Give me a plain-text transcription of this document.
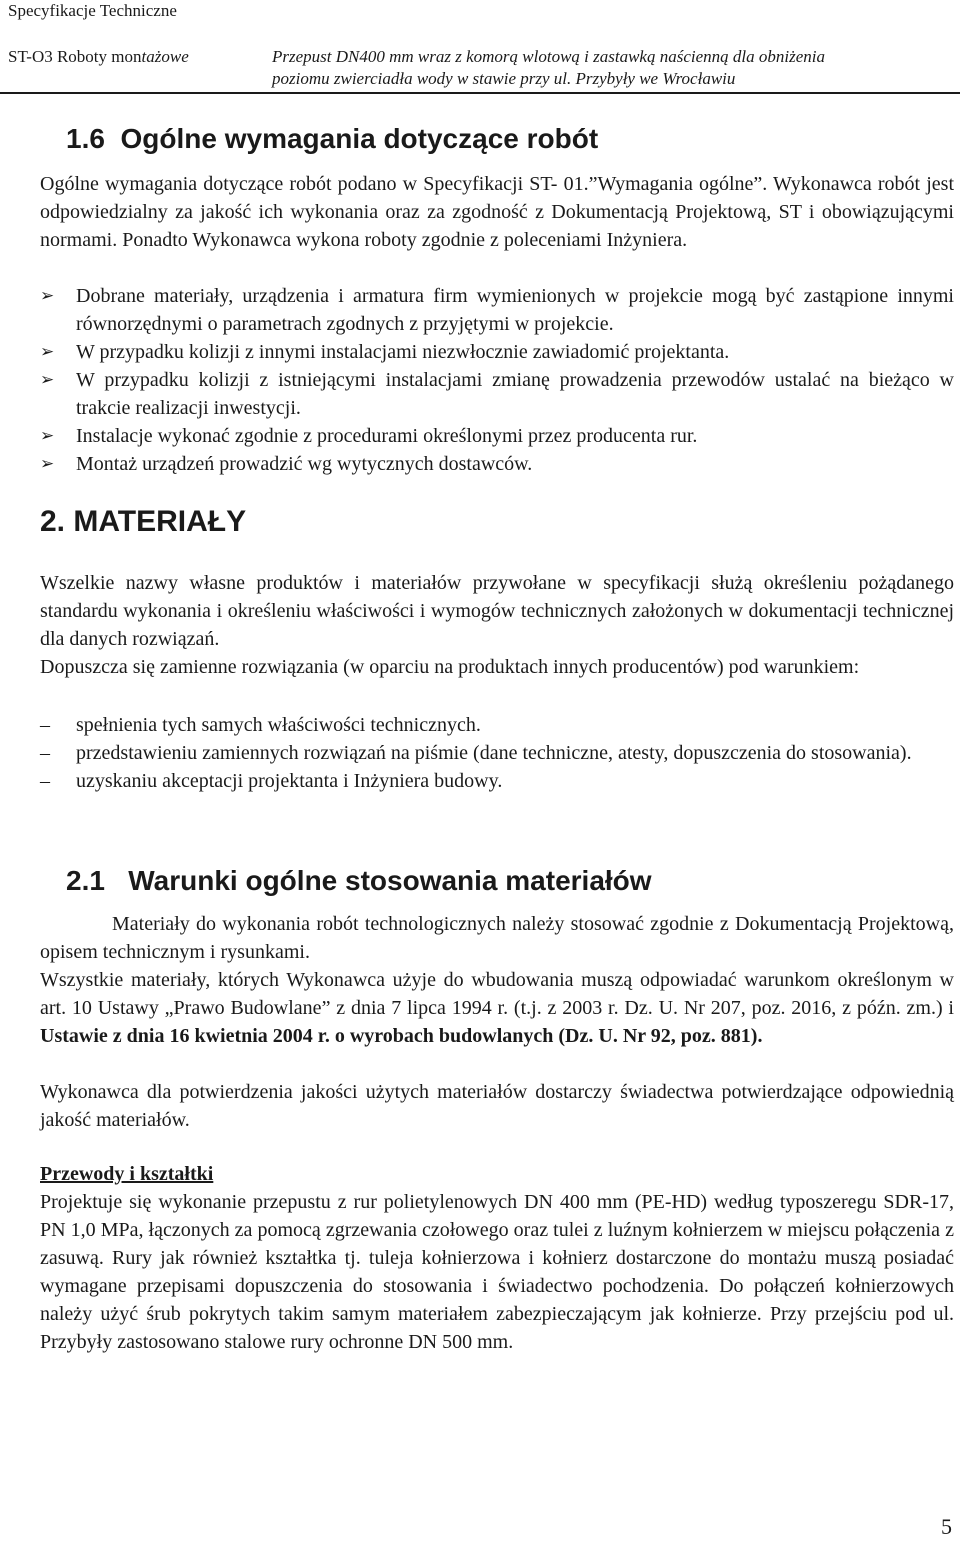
Specyfikacje Techniczne
ST-O3 Roboty montażowe	Przepust DN400 mm wraz z komorą wlotową i zastawką naścienną dla obniżenia
poziomu zwierciadła wody w stawie przy ul. Przybyły we Wrocławiu
1.6 Ogólne wymagania dotyczące robót

Ogólne wymagania dotyczące robót podano w Specyfikacji ST- 01.”Wymagania ogólne”. Wykonawca robót jest odpowiedzialny za jakość ich wykonania oraz za zgodność z Dokumentacją Projektową, ST i obowiązującymi normami. Ponadto Wykonawca wykona roboty zgodnie z poleceniami Inżyniera.

➢	Dobrane materiały, urządzenia i armatura firm wymienionych w projekcie mogą być zastąpione innymi równorzędnymi o parametrach zgodnych z przyjętymi w projekcie.
➢	W przypadku kolizji z innymi instalacjami niezwłocznie zawiadomić projektanta.
➢	W przypadku kolizji z istniejącymi instalacjami zmianę prowadzenia przewodów ustalać na bieżąco w trakcie realizacji inwestycji.
➢	Instalacje wykonać zgodnie z procedurami określonymi przez producenta rur.
➢	Montaż urządzeń prowadzić wg wytycznych dostawców.
2. MATERIAŁY

Wszelkie nazwy własne produktów i materiałów przywołane w specyfikacji służą określeniu pożądanego standardu wykonania i określeniu właściwości i wymogów technicznych założonych w dokumentacji technicznej dla danych rozwiązań.

Dopuszcza się zamienne rozwiązania (w oparciu na produktach innych producentów) pod warunkiem:

–	spełnienia tych samych właściwości technicznych.
–	przedstawieniu zamiennych rozwiązań na piśmie (dane techniczne, atesty, dopuszczenia do stosowania).
–	uzyskaniu akceptacji projektanta i Inżyniera budowy.
2.1 Warunki ogólne stosowania materiałów

Materiały do wykonania robót technologicznych należy stosować zgodnie z Dokumentacją Projektową, opisem technicznym i rysunkami.

Wszystkie materiały, których Wykonawca użyje do wbudowania muszą odpowiadać warunkom określonym w art. 10 Ustawy „Prawo Budowlane” z dnia 7 lipca 1994 r. (t.j. z 2003 r. Dz. U. Nr 207, poz. 2016, z późn. zm.) i Ustawie z dnia 16 kwietnia 2004 r. o wyrobach budowlanych (Dz. U. Nr 92, poz. 881).

Wykonawca dla potwierdzenia jakości użytych materiałów dostarczy świadectwa potwierdzające odpowiednią jakość materiałów.

Przewody i kształtki

Projektuje się wykonanie przepustu z rur polietylenowych DN 400 mm (PE-HD) według typoszeregu SDR-17, PN 1,0 MPa, łączonych za pomocą zgrzewania czołowego oraz tulei z luźnym kołnierzem w miejscu połączenia z zasuwą. Rury jak również kształtka tj. tuleja kołnierzowa i kołnierz dostarczone do montażu muszą posiadać wymagane przepisami dopuszczenia do stosowania i świadectwo pochodzenia. Do połączeń kołnierzowych należy użyć śrub pokrytych takim samym materiałem zabezpieczającym jak kołnierze. Przy przejściu pod ul. Przybyły zastosowano stalowe rury ochronne DN 500 mm.

5
